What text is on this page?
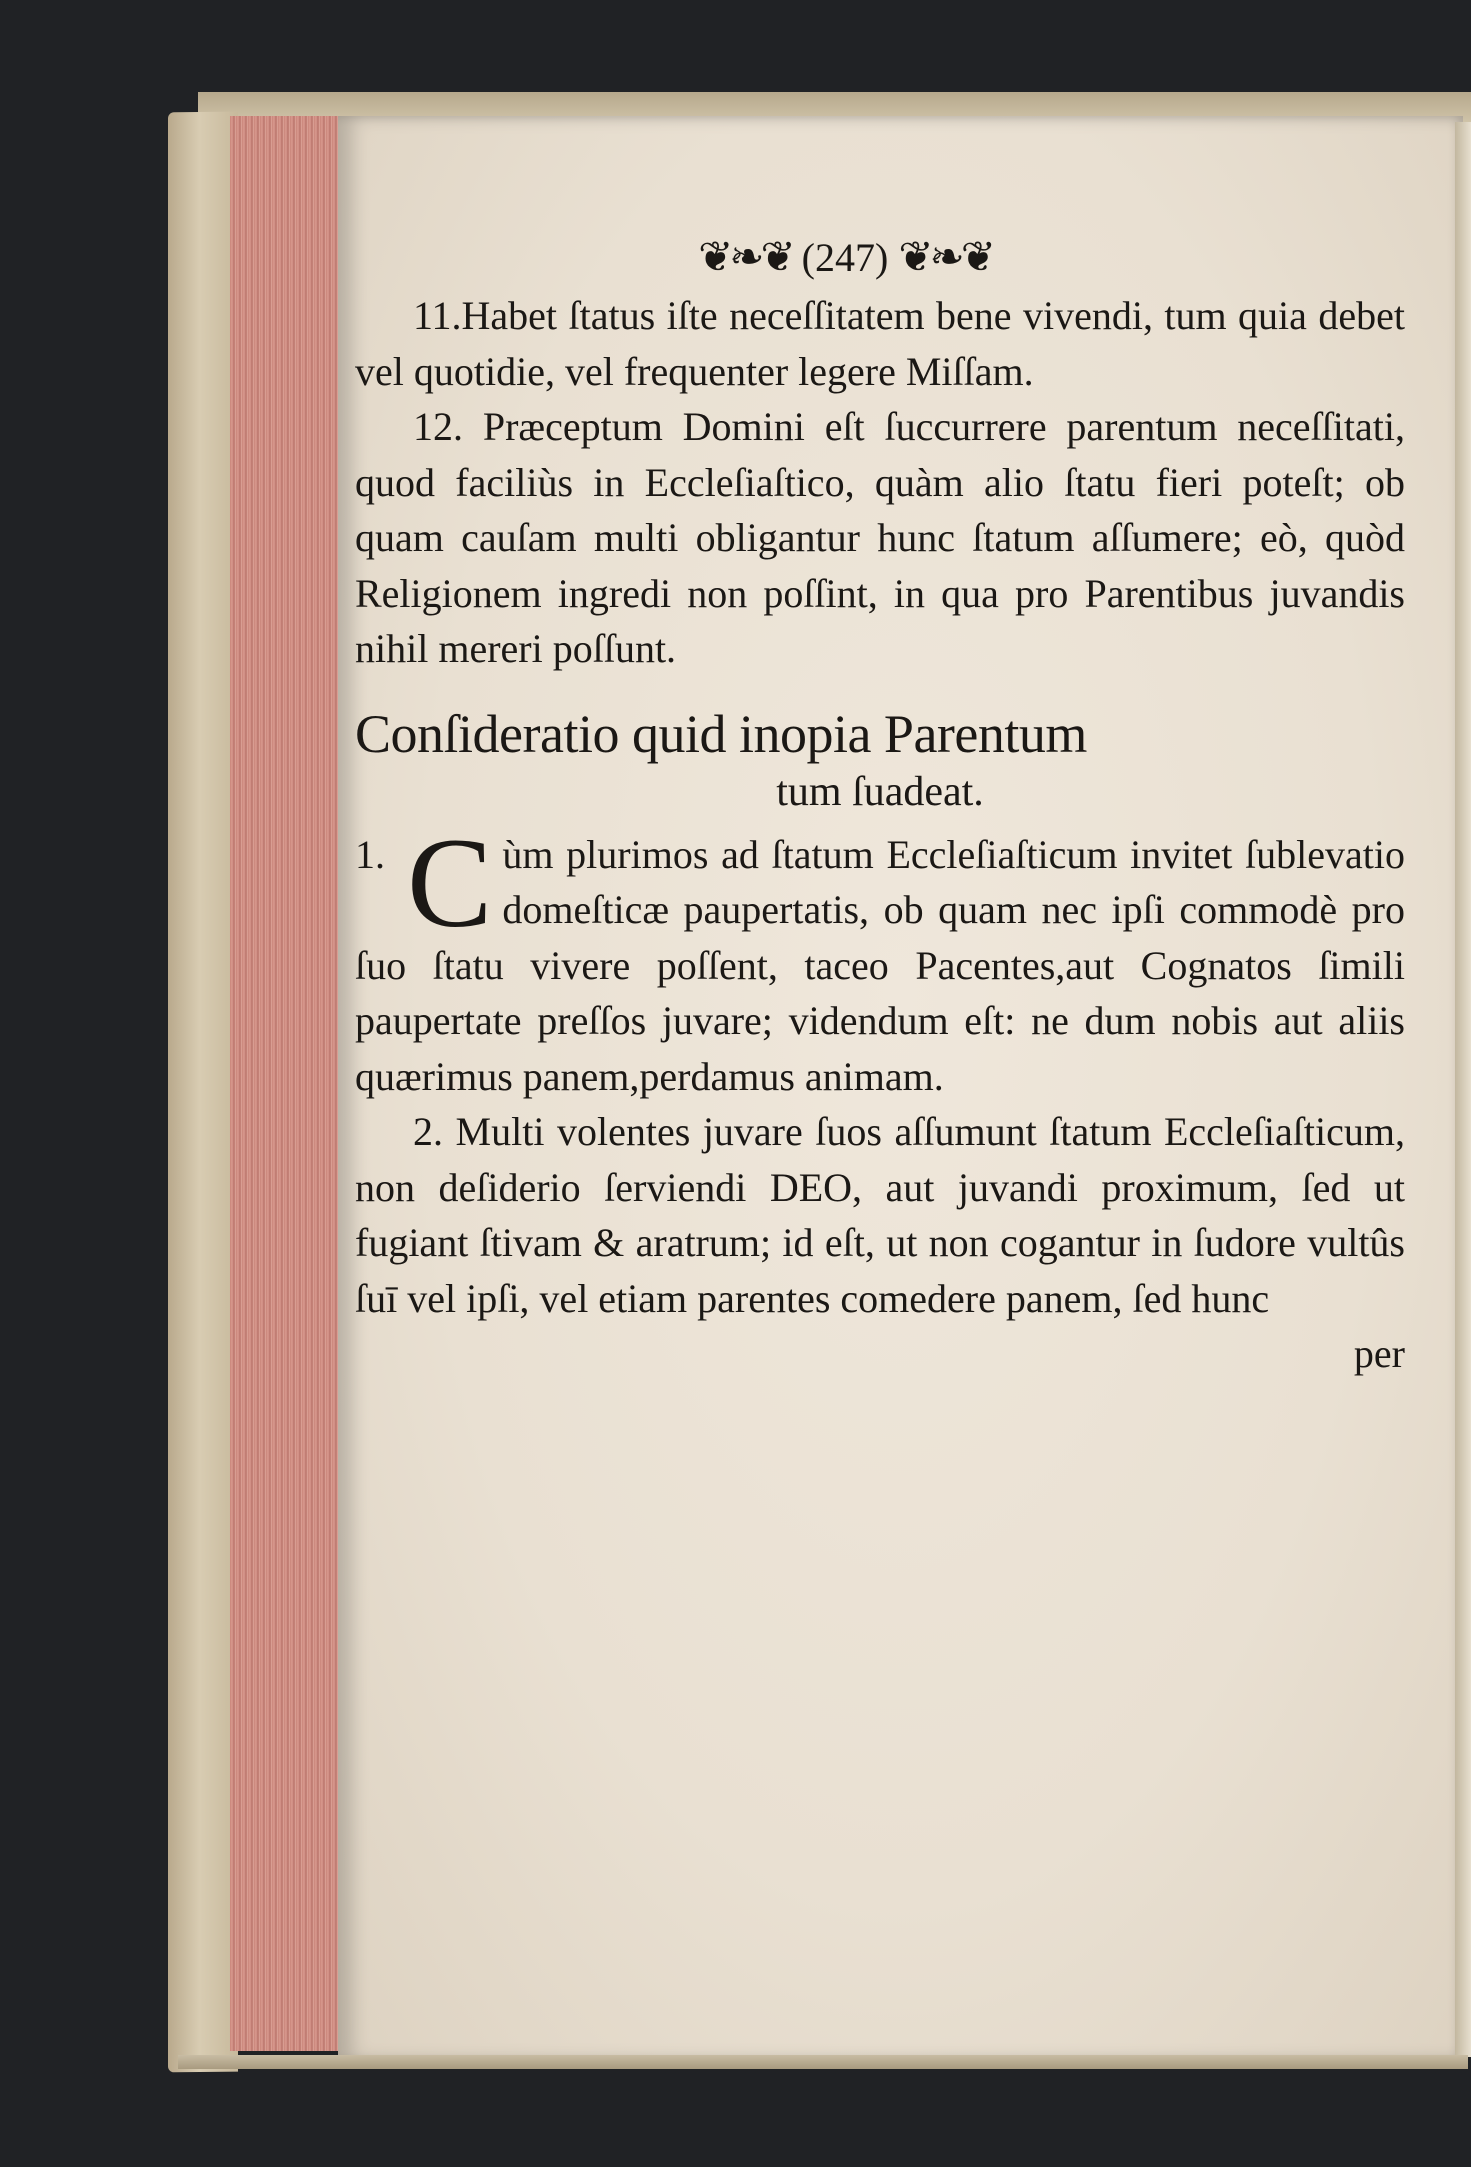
❦❧❦ (247) ❦❧❦

11.Habet ſtatus iſte neceſſitatem bene vivendi, tum quia debet vel quotidie, vel frequenter legere Miſſam.

12. Præceptum Domini eſt ſuccurrere parentum neceſſitati, quod faciliùs in Eccleſiaſtico, quàm alio ſtatu fieri poteſt; ob quam cauſam multi obligantur hunc ſtatum aſſumere; eò, quòd Religionem ingredi non poſſint, in qua pro Parentibus juvandis nihil mereri poſſunt.

Conſideratio quid inopia Parentum
tum ſuadeat.

1. C ùm plurimos ad ſtatum Eccleſiaſticum invitet ſublevatio domeſticæ paupertatis, ob quam nec ipſi commodè pro ſuo ſtatu vivere poſſent, taceo Pacentes,aut Cognatos ſimili paupertate preſſos juvare; videndum eſt: ne dum nobis aut aliis quærimus panem,perdamus animam.

2. Multi volentes juvare ſuos aſſumunt ſtatum Eccleſiaſticum, non deſiderio ſerviendi DEO, aut juvandi proximum, ſed ut fugiant ſtivam & aratrum; id eſt, ut non cogantur in ſudore vultûs ſuī vel ipſi, vel etiam parentes comedere panem, ſed hunc

per
